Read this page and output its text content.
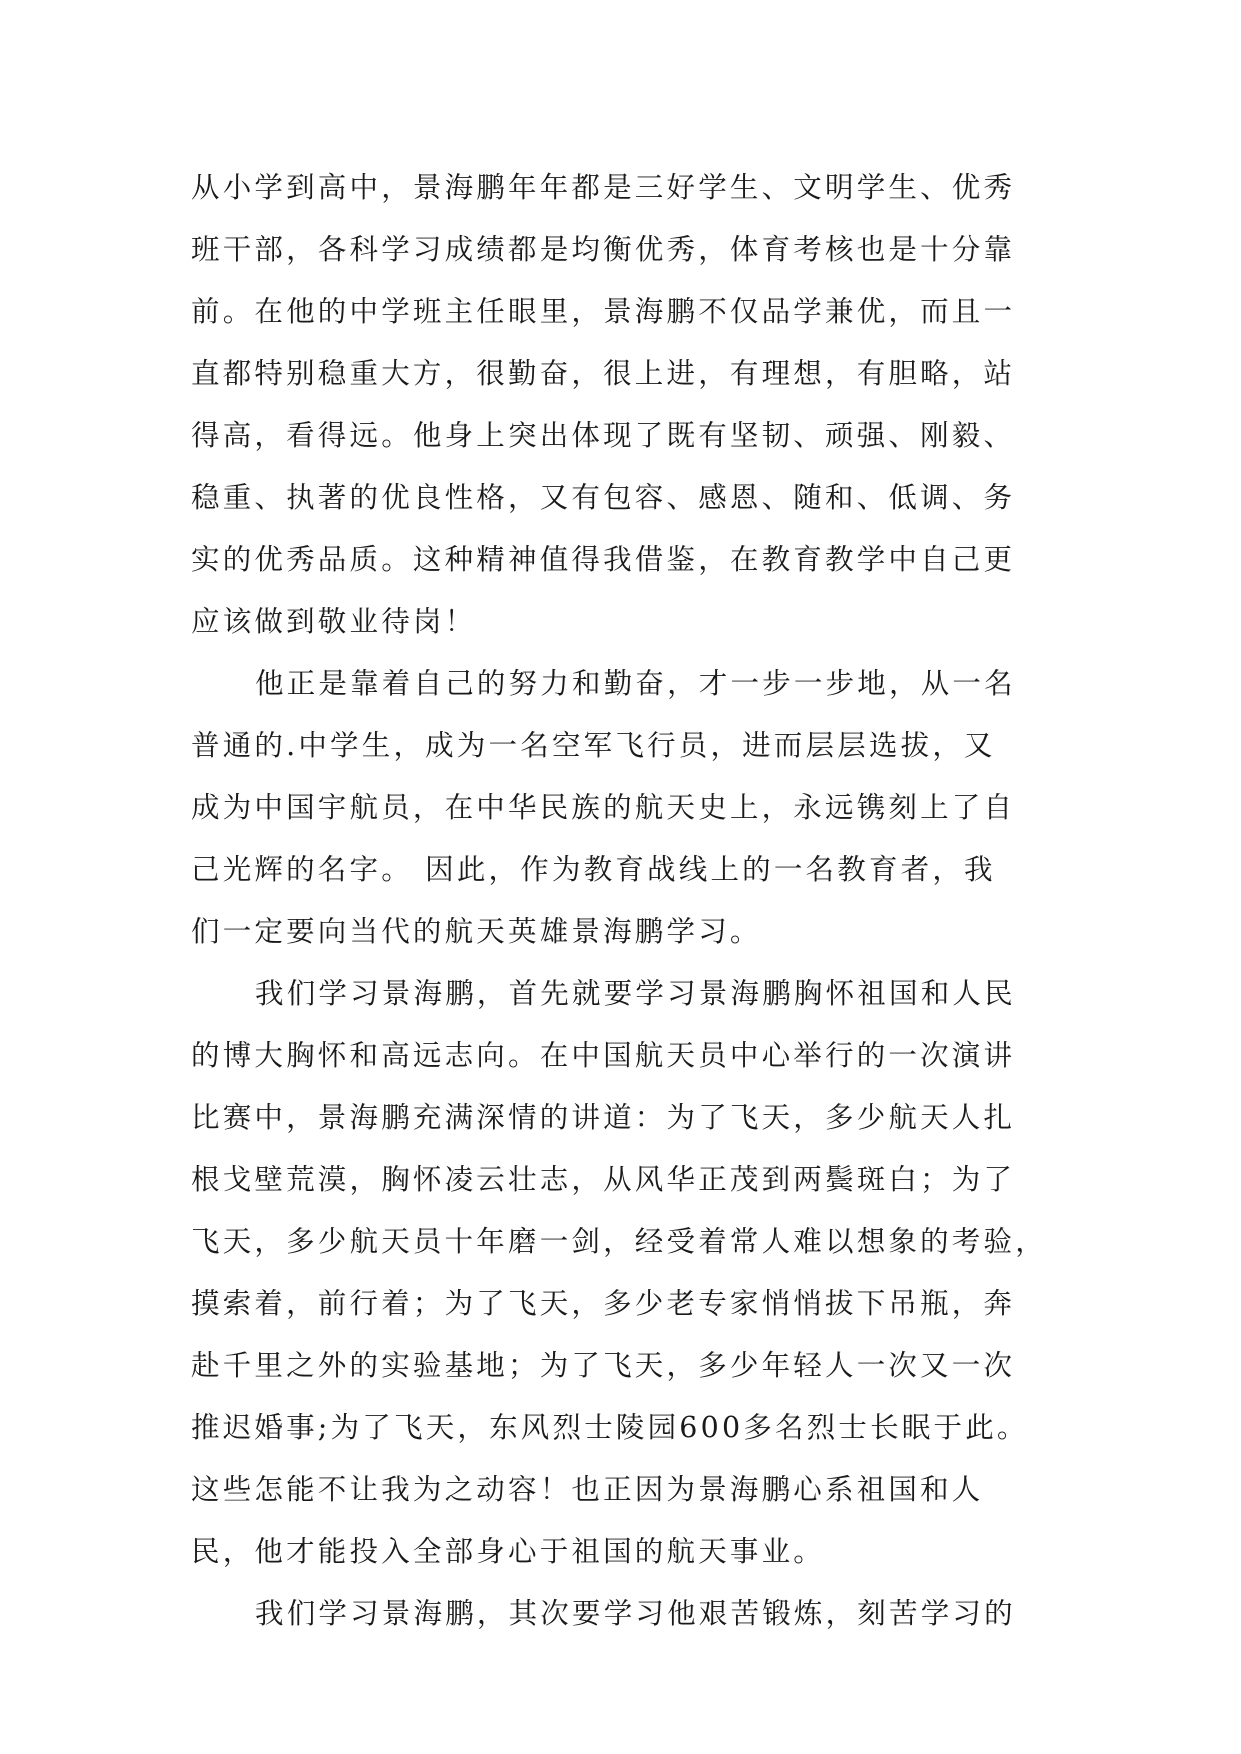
从小学到高中，景海鹏年年都是三好学生、文明学生、优秀
班干部，各科学习成绩都是均衡优秀，体育考核也是十分靠
前。在他的中学班主任眼里，景海鹏不仅品学兼优，而且一
直都特别稳重大方，很勤奋，很上进，有理想，有胆略，站
得高，看得远。他身上突出体现了既有坚韧、顽强、刚毅、
稳重、执著的优良性格，又有包容、感恩、随和、低调、务
实的优秀品质。这种精神值得我借鉴，在教育教学中自己更
应该做到敬业待岗！
他正是靠着自己的努力和勤奋，才一步一步地，从一名
普通的.中学生，成为一名空军飞行员，进而层层选拔，又
成为中国宇航员，在中华民族的航天史上，永远镌刻上了自
己光辉的名字。 因此，作为教育战线上的一名教育者，我
们一定要向当代的航天英雄景海鹏学习。
我们学习景海鹏，首先就要学习景海鹏胸怀祖国和人民
的博大胸怀和高远志向。在中国航天员中心举行的一次演讲
比赛中，景海鹏充满深情的讲道：为了飞天，多少航天人扎
根戈壁荒漠，胸怀凌云壮志，从风华正茂到两鬓斑白；为了
飞天，多少航天员十年磨一剑，经受着常人难以想象的考验，
摸索着，前行着；为了飞天，多少老专家悄悄拔下吊瓶，奔
赴千里之外的实验基地；为了飞天，多少年轻人一次又一次
推迟婚事;为了飞天，东风烈士陵园600多名烈士长眠于此。
这些怎能不让我为之动容！也正因为景海鹏心系祖国和人
民，他才能投入全部身心于祖国的航天事业。
我们学习景海鹏，其次要学习他艰苦锻炼，刻苦学习的
